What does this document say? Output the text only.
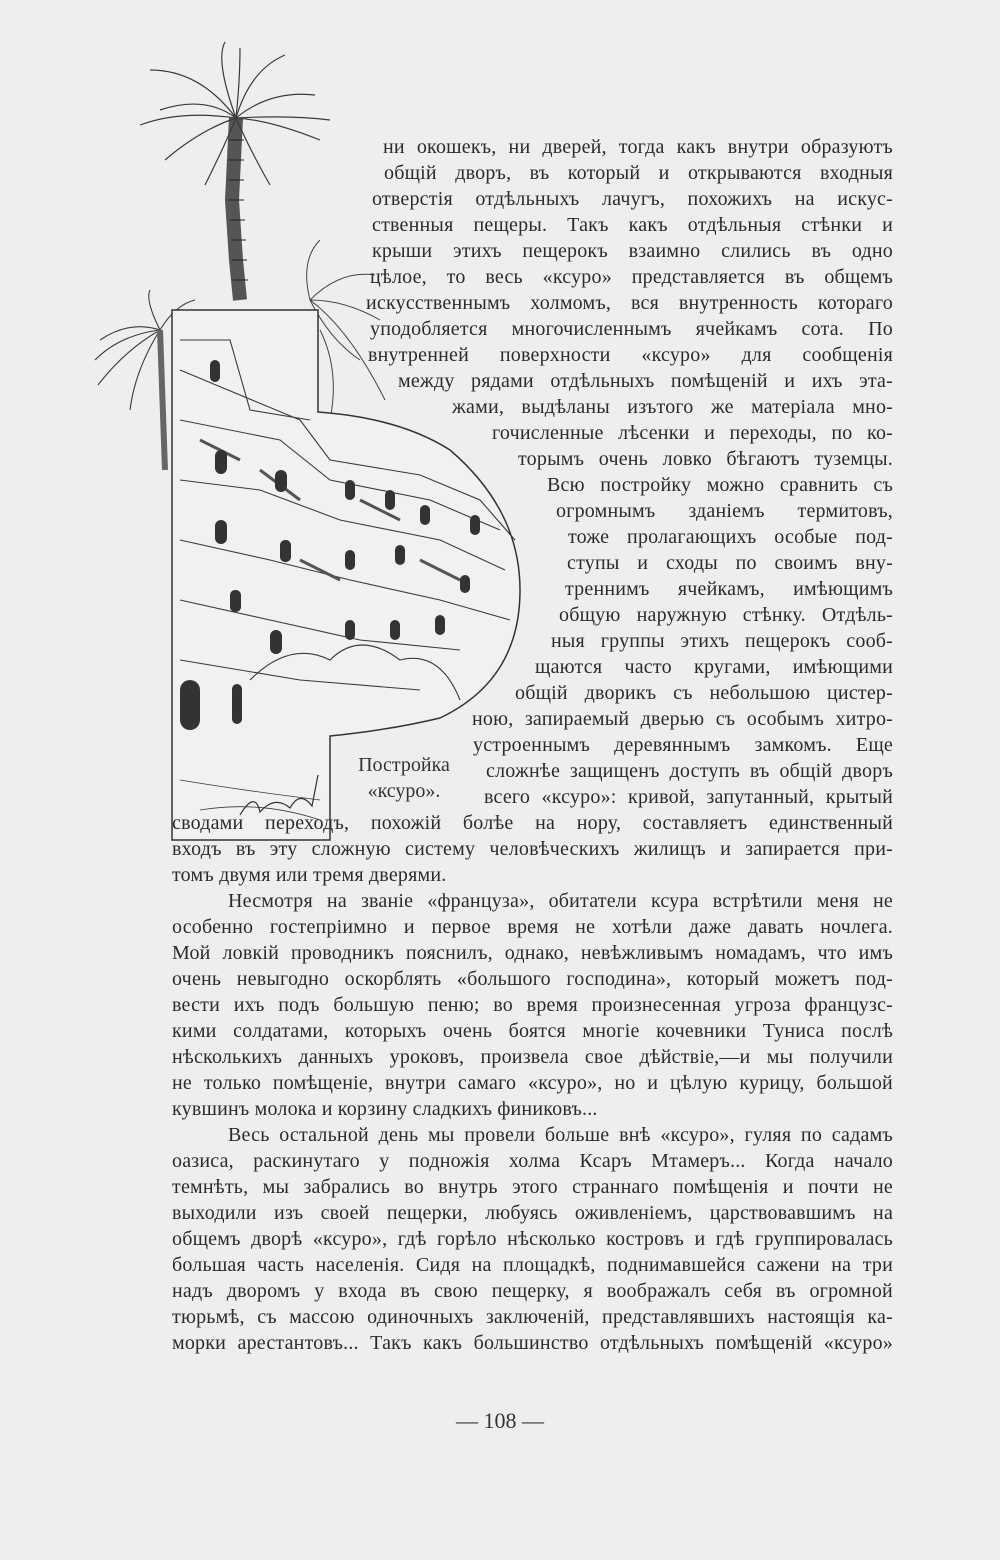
Постройка
«ксуро».
ни окошекъ, ни дверей, тогда какъ внутри образуютъ
общій дворъ, въ который и открываются входныя
отверстія отдѣльныхъ лачугъ, похожихъ на искус-
ственныя пещеры. Такъ какъ отдѣльныя стѣнки и
крыши этихъ пещерокъ взаимно слились въ одно
цѣлое, то весь «ксуро» представляется въ общемъ
искусственнымъ холмомъ, вся внутренность котораго
уподобляется многочисленнымъ ячейкамъ сота. По
внутренней поверхности «ксуро» для сообщенія
между рядами отдѣльныхъ помѣщеній и ихъ эта-
жами, выдѣланы изътого же матеріала мно-
гочисленные лѣсенки и переходы, по ко-
торымъ очень ловко бѣгаютъ туземцы.
Всю постройку можно сравнить съ
огромнымъ зданіемъ термитовъ,
тоже пролагающихъ особые под-
ступы и сходы по своимъ вну-
треннимъ ячейкамъ, имѣющимъ
общую наружную стѣнку. Отдѣль-
ныя группы этихъ пещерокъ сооб-
щаются часто кругами, имѣющими
общій дворикъ съ небольшою цистер-
ною, запираемый дверью съ особымъ хитро-
устроеннымъ деревяннымъ замкомъ. Еще
сложнѣе защищенъ доступъ въ общій дворъ
всего «ксуро»: кривой, запутанный, крытый
сводами переходъ, похожій болѣе на нору, составляетъ единственный
входъ въ эту сложную систему человѣческихъ жилищъ и запирается при-
томъ двумя или тремя дверями.
Несмотря на званіе «француза», обитатели ксура встрѣтили меня не
особенно гостепріимно и первое время не хотѣли даже давать ночлега.
Мой ловкій проводникъ пояснилъ, однако, невѣжливымъ номадамъ, что имъ
очень невыгодно оскорблять «большого господина», который можетъ под-
вести ихъ подъ большую пеню; во время произнесенная угроза французс-
кими солдатами, которыхъ очень боятся многіе кочевники Туниса послѣ
нѣсколькихъ данныхъ уроковъ, произвела свое дѣйствіе,—и мы получили
не только помѣщеніе, внутри самаго «ксуро», но и цѣлую курицу, большой
кувшинъ молока и корзину сладкихъ финиковъ...
Весь остальной день мы провели больше внѣ «ксуро», гуляя по садамъ
оазиса, раскинутаго у подножія холма Ксаръ Мтамеръ... Когда начало
темнѣть, мы забрались во внутрь этого страннаго помѣщенія и почти не
выходили изъ своей пещерки, любуясь оживленіемъ, царствовавшимъ на
общемъ дворѣ «ксуро», гдѣ горѣло нѣсколько костровъ и гдѣ группировалась
большая часть населенія. Сидя на площадкѣ, поднимавшейся сажени на три
надъ дворомъ у входа въ свою пещерку, я воображалъ себя въ огромной
тюрьмѣ, съ массою одиночныхъ заключеній, представлявшихъ настоящія ка-
морки арестантовъ... Такъ какъ большинство отдѣльныхъ помѣщеній «ксуро»
— 108 —
